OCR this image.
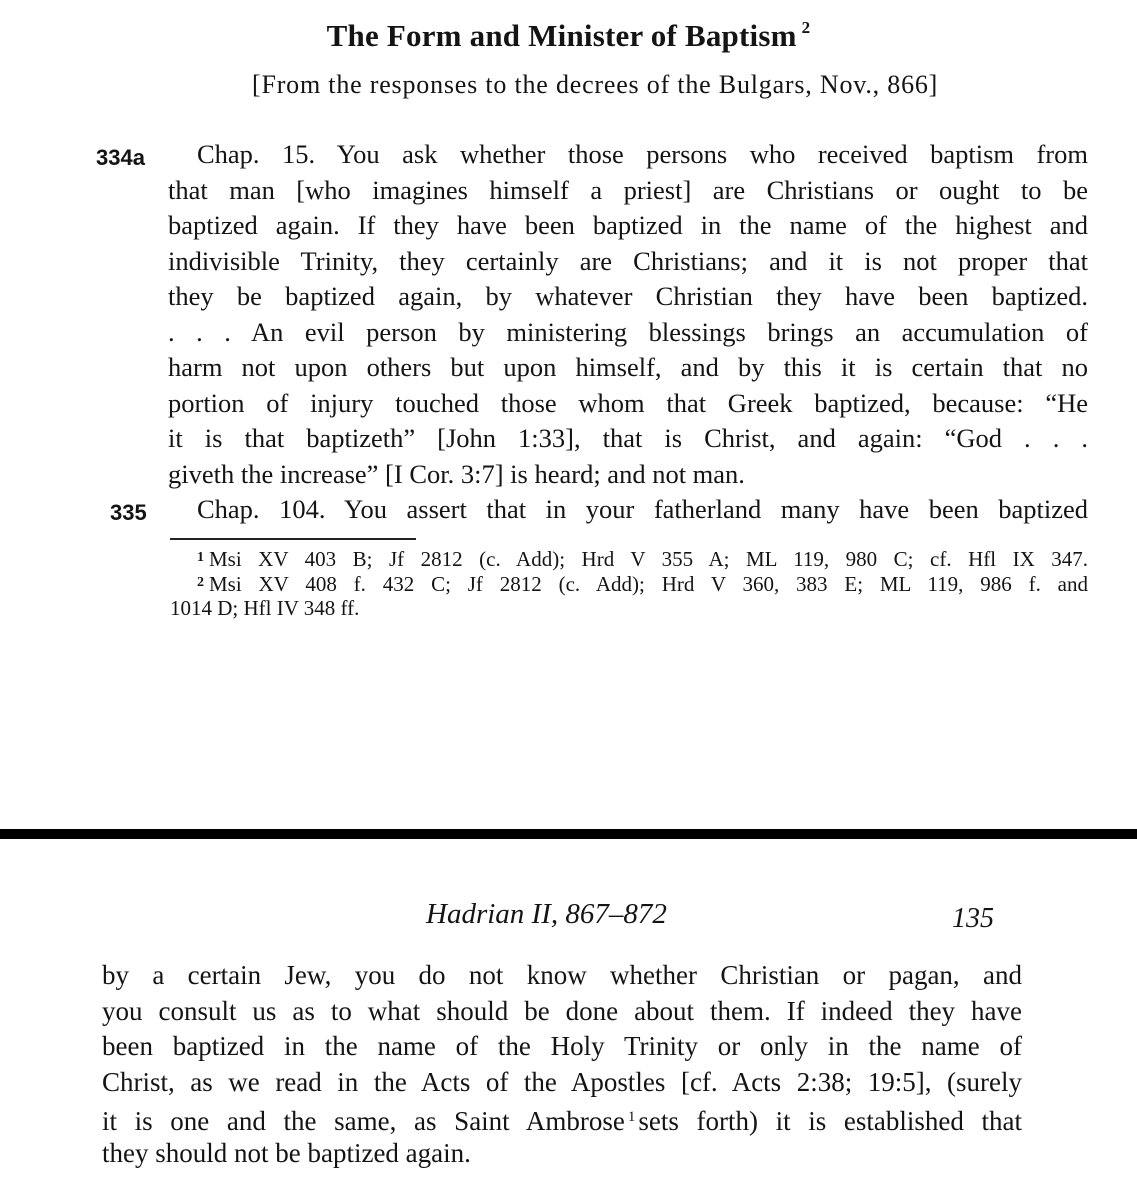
The Form and Minister of Baptism $^2$
[From the responses to the decrees of the Bulgars, Nov., 866]
334a
335
Chap. 15. You ask whether those persons who received baptism from
that man [who imagines himself a priest] are Christians or ought to be
baptized again. If they have been baptized in the name of the highest and
indivisible Trinity, they certainly are Christians; and it is not proper that
they be baptized again, by whatever Christian they have been baptized.
. . . An evil person by ministering blessings brings an accumulation of
harm not upon others but upon himself, and by this it is certain that no
portion of injury touched those whom that Greek baptized, because: “He
it is that baptizeth” [John 1:33], that is Christ, and again: “God . . .
giveth the increase” [I Cor. 3:7] is heard; and not man.
Chap. 104. You assert that in your fatherland many have been baptized
$^1$ Msi XV 403 B; Jf 2812 (c. Add); Hrd V 355 A; ML 119, 980 C; cf. Hfl IX 347.
$^2$ Msi XV 408 f. 432 C; Jf 2812 (c. Add); Hrd V 360, 383 E; ML 119, 986 f. and
1014 D; Hfl IV 348 ff.
Hadrian II, 867–872	135
by a certain Jew, you do not know whether Christian or pagan, and
you consult us as to what should be done about them. If indeed they have
been baptized in the name of the Holy Trinity or only in the name of
Christ, as we read in the Acts of the Apostles [cf. Acts 2:38; 19:5], (surely
it is one and the same, as Saint Ambrose $^1$ sets forth) it is established that
they should not be baptized again.
